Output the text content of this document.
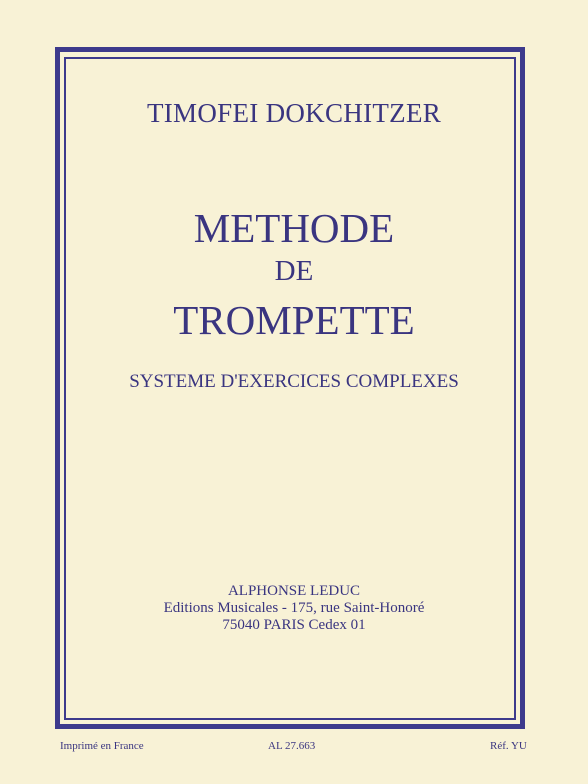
TIMOFEI DOKCHITZER
METHODE
DE
TROMPETTE
SYSTEME D'EXERCICES COMPLEXES
ALPHONSE LEDUC
Editions Musicales - 175, rue Saint-Honoré
75040 PARIS Cedex 01
Imprimé en France	AL 27.663	Réf. YU
